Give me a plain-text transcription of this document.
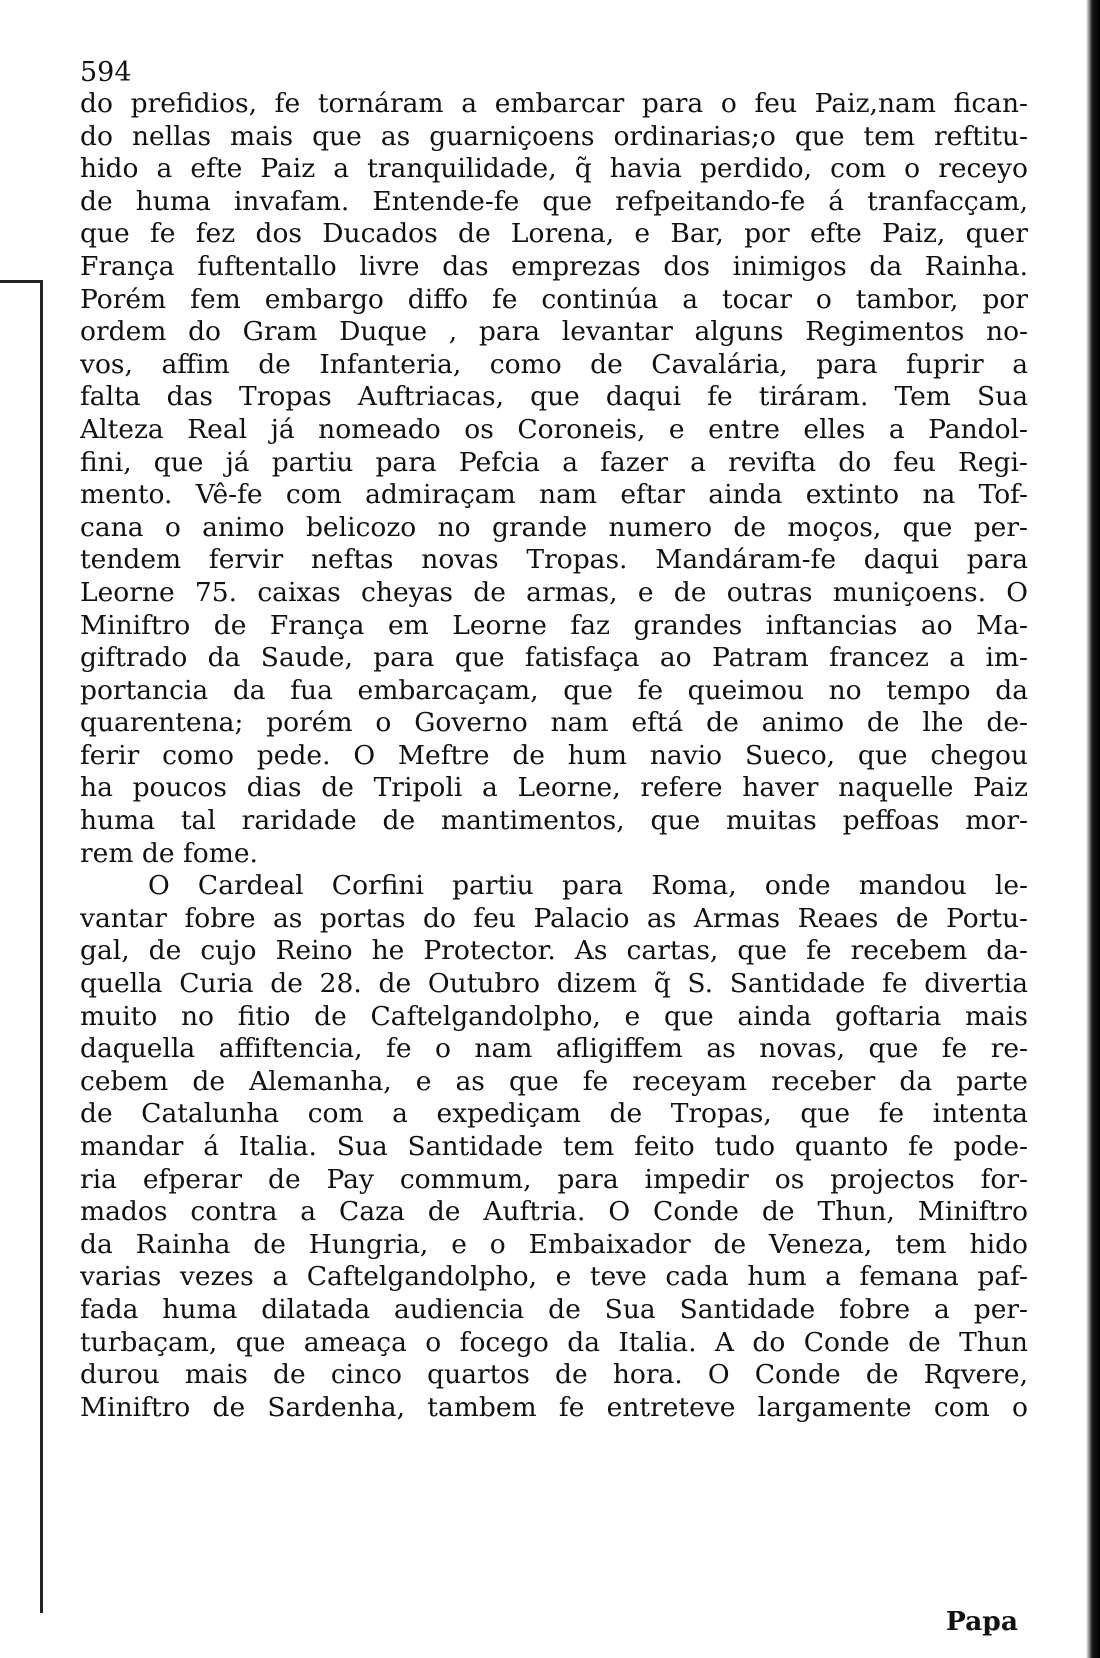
594
do prefidios, fe tornáram a embarcar para o feu Paiz,nam fican-
do nellas mais que as guarniçoens ordinarias;o que tem reftitu-
hido a efte Paiz a tranquilidade, q̃ havia perdido, com o receyo
de huma invafam. Entende-fe que refpeitando-fe á tranfacçam,
que fe fez dos Ducados de Lorena, e Bar, por efte Paiz, quer
França fuftentallo livre das emprezas dos inimigos da Rainha.
Porém fem embargo diffo fe continúa a tocar o tambor, por
ordem do Gram Duque , para levantar alguns Regimentos no-
vos, affim de Infanteria, como de Cavalária, para fuprir a
falta das Tropas Auftriacas, que daqui fe tiráram. Tem Sua
Alteza Real já nomeado os Coroneis, e entre elles a Pandol-
fini, que já partiu para Pefcia a fazer a revifta do feu Regi-
mento. Vê-fe com admiraçam nam eftar ainda extinto na Tof-
cana o animo belicozo no grande numero de moços, que per-
tendem fervir neftas novas Tropas. Mandáram-fe daqui para
Leorne 75. caixas cheyas de armas, e de outras muniçoens. O
Miniftro de França em Leorne faz grandes inftancias ao Ma-
giftrado da Saude, para que fatisfaça ao Patram francez a im-
portancia da fua embarcaçam, que fe queimou no tempo da
quarentena; porém o Governo nam eftá de animo de lhe de-
ferir como pede. O Meftre de hum navio Sueco, que chegou
ha poucos dias de Tripoli a Leorne, refere haver naquelle Paiz
huma tal raridade de mantimentos, que muitas peffoas mor-
rem de fome.
O Cardeal Corfini partiu para Roma, onde mandou le-
vantar fobre as portas do feu Palacio as Armas Reaes de Portu-
gal, de cujo Reino he Protector. As cartas, que fe recebem da-
quella Curia de 28. de Outubro dizem q̃ S. Santidade fe divertia
muito no fitio de Caftelgandolpho, e que ainda goftaria mais
daquella affiftencia, fe o nam afligiffem as novas, que fe re-
cebem de Alemanha, e as que fe receyam receber da parte
de Catalunha com a expediçam de Tropas, que fe intenta
mandar á Italia. Sua Santidade tem feito tudo quanto fe pode-
ria efperar de Pay commum, para impedir os projectos for-
mados contra a Caza de Auftria. O Conde de Thun, Miniftro
da Rainha de Hungria, e o Embaixador de Veneza, tem hido
varias vezes a Caftelgandolpho, e teve cada hum a femana paf-
fada huma dilatada audiencia de Sua Santidade fobre a per-
turbaçam, que ameaça o focego da Italia. A do Conde de Thun
durou mais de cinco quartos de hora. O Conde de Rqvere,
Miniftro de Sardenha, tambem fe entreteve largamente com o
Papa
